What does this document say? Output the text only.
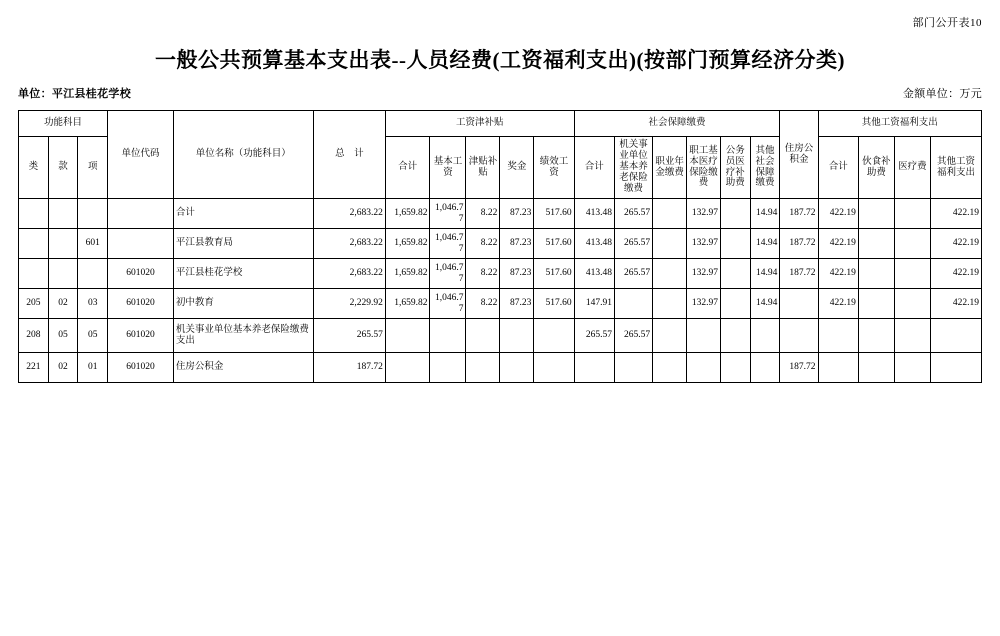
部门公开表10
一般公共预算基本支出表--人员经费(工资福利支出)(按部门预算经济分类)
单位：平江县桂花学校	金额单位：万元
功能科目			单位代码	单位名称（功能科目）	总　计	工资津补贴					社会保障缴费						住房公积金	其他工资福利支出			
类	款	项				合计	基本工资	津贴补贴	奖金	绩效工资	合计	机关事业单位基本养老保险缴费	职业年金缴费	职工基本医疗保险缴费	公务员医疗补助费	其他社会保障缴费		合计	伙食补助费	医疗费	其他工资福利支出
				合计	2,683.22	1,659.82	1,046.77	8.22	87.23	517.60	413.48	265.57		132.97		14.94	187.72	422.19			422.19
		601		平江县教育局	2,683.22	1,659.82	1,046.77	8.22	87.23	517.60	413.48	265.57		132.97		14.94	187.72	422.19			422.19
			601020	平江县桂花学校	2,683.22	1,659.82	1,046.77	8.22	87.23	517.60	413.48	265.57		132.97		14.94	187.72	422.19			422.19
205	02	03	601020	初中教育	2,229.92	1,659.82	1,046.77	8.22	87.23	517.60	147.91			132.97		14.94		422.19			422.19
208	05	05	601020	机关事业单位基本养老保险缴费支出	265.57						265.57	265.57									
221	02	01	601020	住房公积金	187.72												187.72				
